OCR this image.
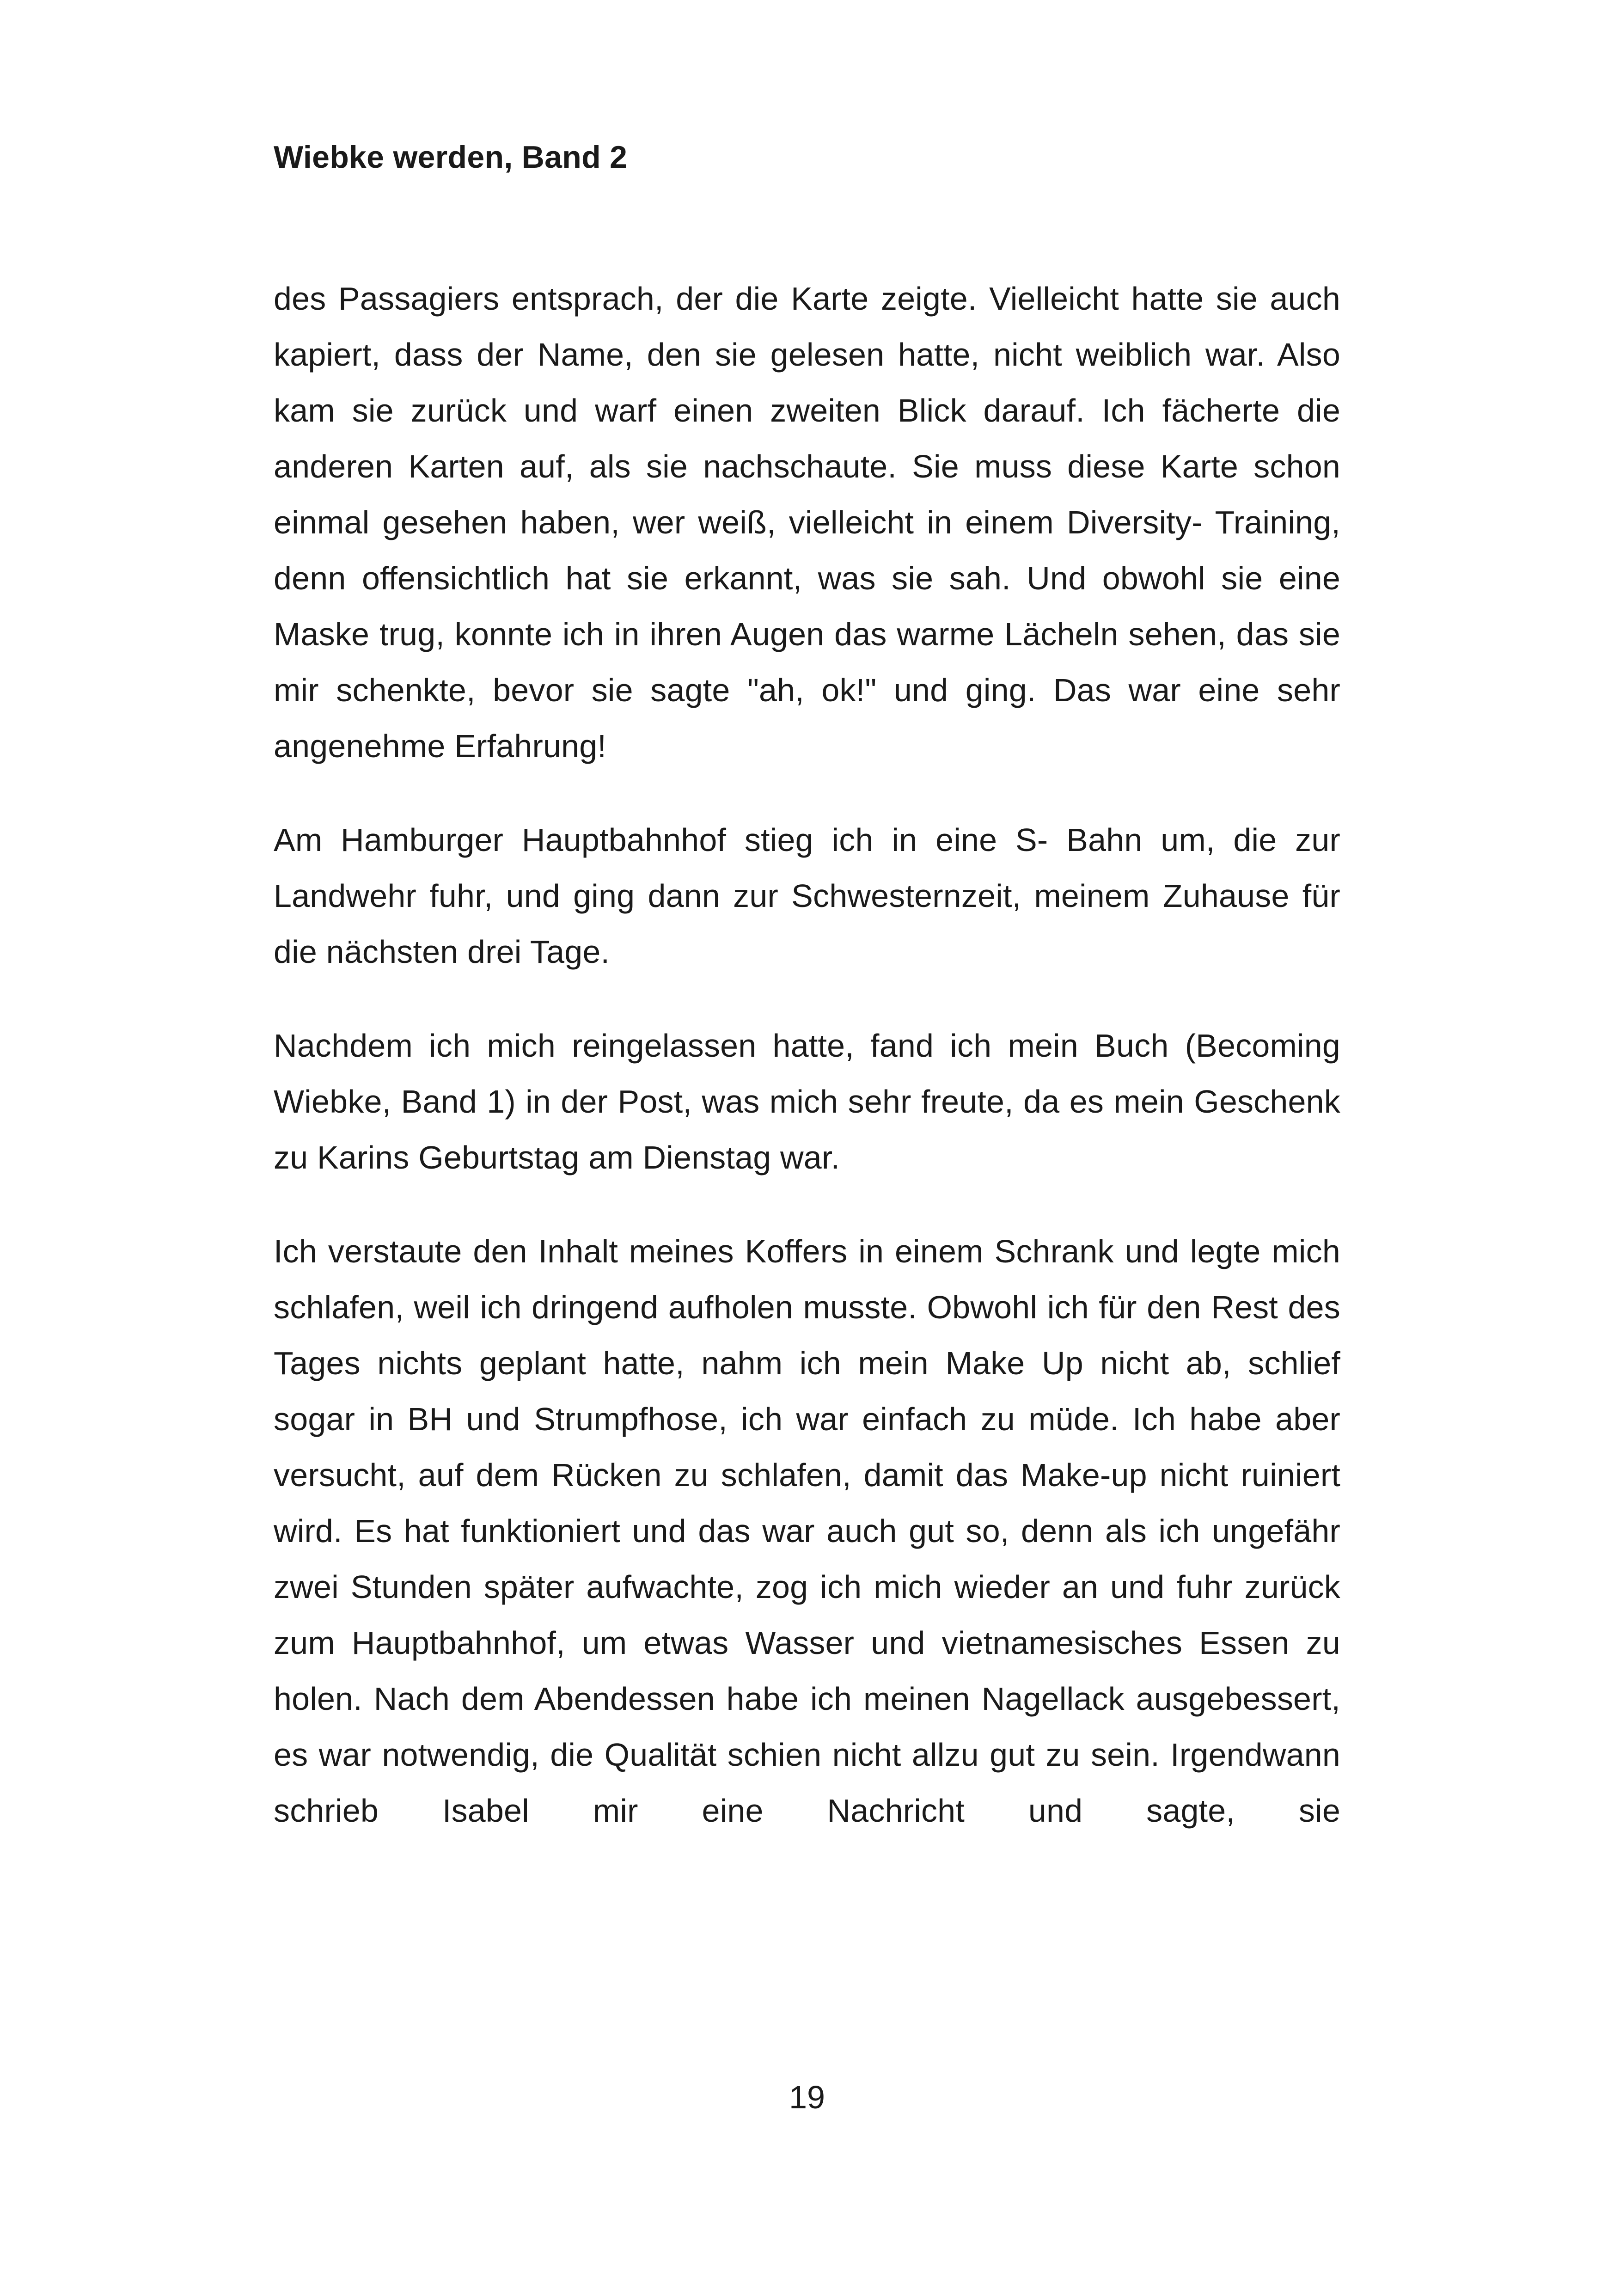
Wiebke werden, Band 2

des Passagiers entsprach, der die Karte zeigte. Vielleicht hatte sie auch kapiert, dass der Name, den sie gelesen hatte, nicht weiblich war. Also kam sie zurück und warf einen zweiten Blick darauf. Ich fächerte die anderen Karten auf, als sie nachschaute. Sie muss diese Karte schon einmal gesehen haben, wer weiß, vielleicht in einem Diversity- Training, denn offensichtlich hat sie erkannt, was sie sah. Und obwohl sie eine Maske trug, konnte ich in ihren Augen das warme Lächeln sehen, das sie mir schenkte, bevor sie sagte "ah, ok!" und ging. Das war eine sehr angenehme Erfahrung!

Am Hamburger Hauptbahnhof stieg ich in eine S- Bahn um, die zur Landwehr fuhr, und ging dann zur Schwesternzeit, meinem Zuhause für die nächsten drei Tage.

Nachdem ich mich reingelassen hatte, fand ich mein Buch (Becoming Wiebke, Band 1) in der Post, was mich sehr freute, da es mein Geschenk zu Karins Geburtstag am Dienstag war.

Ich verstaute den Inhalt meines Koffers in einem Schrank und legte mich schlafen, weil ich dringend aufholen musste. Obwohl ich für den Rest des Tages nichts geplant hatte, nahm ich mein Make Up nicht ab, schlief sogar in BH und Strumpfhose, ich war einfach zu müde. Ich habe aber versucht, auf dem Rücken zu schlafen, damit das Make-up nicht ruiniert wird. Es hat funktioniert und das war auch gut so, denn als ich ungefähr zwei Stunden später aufwachte, zog ich mich wieder an und fuhr zurück zum Hauptbahnhof, um etwas Wasser und vietnamesisches Essen zu holen. Nach dem Abendessen habe ich meinen Nagellack ausgebessert, es war notwendig, die Qualität schien nicht allzu gut zu sein. Irgendwann schrieb Isabel mir eine Nachricht und sagte, sie

19
